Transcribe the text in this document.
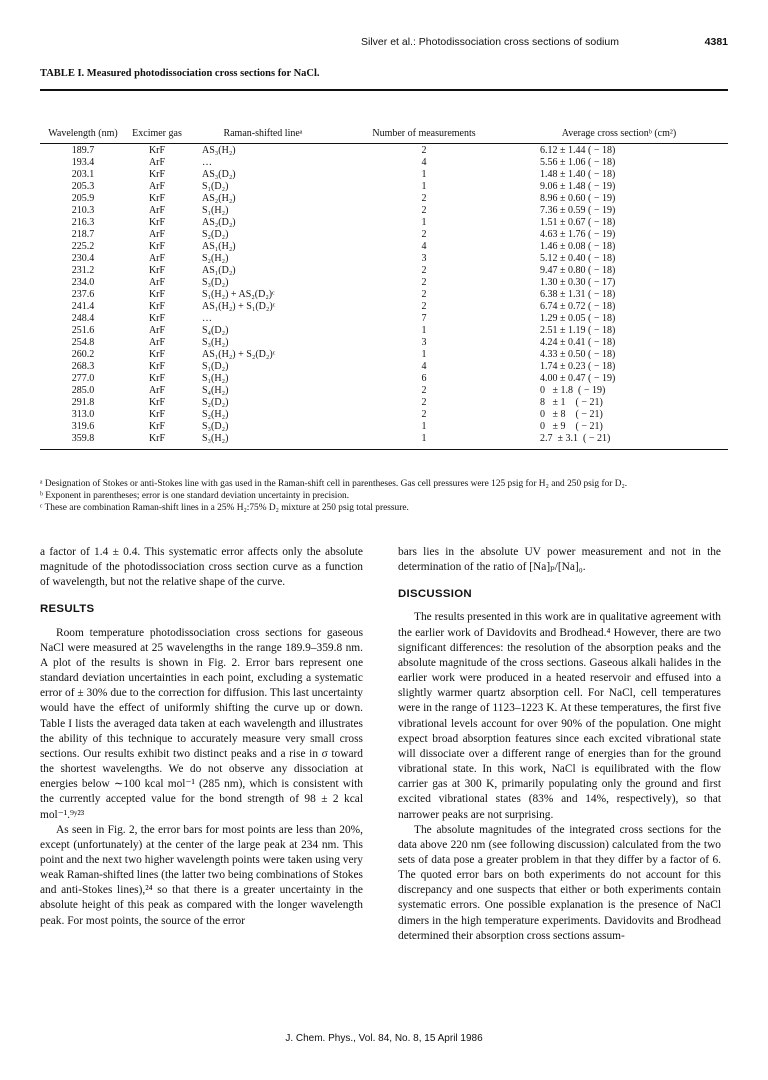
Silver et al.: Photodissociation cross sections of sodium	4381
TABLE I. Measured photodissociation cross sections for NaCl.
Wavelength (nm)	Excimer gas	Raman-shifted lineᵃ	Number of measurements	Average cross sectionᵇ (cm²)

189.7	KrF	AS₃(H₂)	2	6.12 ± 1.44 ( − 18)
193.4	ArF	…	4	5.56 ± 1.06 ( − 18)
203.1	KrF	AS₃(D₂)	1	1.48 ± 1.40 ( − 18)
205.3	ArF	S₁(D₂)	1	9.06 ± 1.48 ( − 19)
205.9	KrF	AS₂(H₂)	2	8.96 ± 0.60 ( − 19)
210.3	ArF	S₁(H₂)	2	7.36 ± 0.59 ( − 19)
216.3	KrF	AS₂(D₂)	1	1.51 ± 0.67 ( − 18)
218.7	ArF	S₂(D₂)	2	4.63 ± 1.76 ( − 19)
225.2	KrF	AS₁(H₂)	4	1.46 ± 0.08 ( − 18)
230.4	ArF	S₂(H₂)	3	5.12 ± 0.40 ( − 18)
231.2	KrF	AS₁(D₂)	2	9.47 ± 0.80 ( − 18)
234.0	ArF	S₃(D₂)	2	1.30 ± 0.30 ( − 17)
237.6	KrF	S₁(H₂) + AS₂(D₂)ᶜ	2	6.38 ± 1.31 ( − 18)
241.4	KrF	AS₁(H₂) + S₁(D₂)ᶜ	2	6.74 ± 0.72 ( − 18)
248.4	KrF	…	7	1.29 ± 0.05 ( − 18)
251.6	ArF	S₄(D₂)	1	2.51 ± 1.19 ( − 18)
254.8	ArF	S₃(H₂)	3	4.24 ± 0.41 ( − 18)
260.2	KrF	AS₁(H₂) + S₂(D₂)ᶜ	1	4.33 ± 0.50 ( − 18)
268.3	KrF	S₁(D₂)	4	1.74 ± 0.23 ( − 18)
277.0	KrF	S₁(H₂)	6	4.00 ± 0.47 ( − 19)
285.0	ArF	S₄(H₂)	2	0   ± 1.8  ( − 19)
291.8	KrF	S₂(D₂)	2	8   ± 1    ( − 21)
313.0	KrF	S₂(H₂)	2	0   ± 8    ( − 21)
319.6	KrF	S₃(D₂)	1	0   ± 9    ( − 21)
359.8	KrF	S₃(H₂)	1	2.7  ± 3.1  ( − 21)

ᵃ Designation of Stokes or anti-Stokes line with gas used in the Raman-shift cell in parentheses. Gas cell pressures were 125 psig for H₂ and 250 psig for D₂.

ᵇ Exponent in parentheses; error is one standard deviation uncertainty in precision.

ᶜ These are combination Raman-shift lines in a 25% H₂:75% D₂ mixture at 250 psig total pressure.

a factor of 1.4 ± 0.4. This systematic error affects only the absolute magnitude of the photodissociation cross section curve as a function of wavelength, but not the relative shape of the curve.

RESULTS

Room temperature photodissociation cross sections for gaseous NaCl were measured at 25 wavelengths in the range 189.9–359.8 nm. A plot of the results is shown in Fig. 2. Error bars represent one standard deviation uncertainties in each point, excluding a systematic error of ± 30% due to the correction for diffusion. This last uncertainty would have the effect of uniformly shifting the curve up or down. Table I lists the averaged data taken at each wavelength and illustrates the ability of this technique to accurately measure very small cross sections. Our results exhibit two distinct peaks and a rise in σ toward the shortest wavelengths. We do not observe any dissociation at energies below ∼100 kcal mol⁻¹ (285 nm), which is consistent with the currently accepted value for the bond strength of 98 ± 2 kcal mol⁻¹.⁹ʸ²³

As seen in Fig. 2, the error bars for most points are less than 20%, except (unfortunately) at the center of the large peak at 234 nm. This point and the next two higher wavelength points were taken using very weak Raman-shifted lines (the latter two being combinations of Stokes and anti-Stokes lines),²⁴ so that there is a greater uncertainty in the absolute height of this peak as compared with the longer wavelength peak. For most points, the source of the error

bars lies in the absolute UV power measurement and not in the determination of the ratio of [Na]ₚ/[Na]₀.

DISCUSSION

The results presented in this work are in qualitative agreement with the earlier work of Davidovits and Brodhead.⁴ However, there are two significant differences: the resolution of the absorption peaks and the absolute magnitude of the cross sections. Gaseous alkali halides in the earlier work were produced in a heated reservoir and effused into a slightly warmer quartz absorption cell. For NaCl, cell temperatures were in the range of 1123–1223 K. At these temperatures, the first five vibrational levels account for over 90% of the population. One might expect broad absorption features since each excited vibrational state will dissociate over a different range of energies than for the ground vibrational state. In this work, NaCl is equilibrated with the flow carrier gas at 300 K, primarily populating only the ground and first excited vibrational states (83% and 14%, respectively), so that narrower peaks are not surprising.

The absolute magnitudes of the integrated cross sections for the data above 220 nm (see following discussion) calculated from the two sets of data pose a greater problem in that they differ by a factor of 6. The quoted error bars on both experiments do not account for this discrepancy and one suspects that either or both experiments contain systematic errors. One possible explanation is the presence of NaCl dimers in the high temperature experiments. Davidovits and Brodhead determined their absorption cross sections assum-

J. Chem. Phys., Vol. 84, No. 8, 15 April 1986
